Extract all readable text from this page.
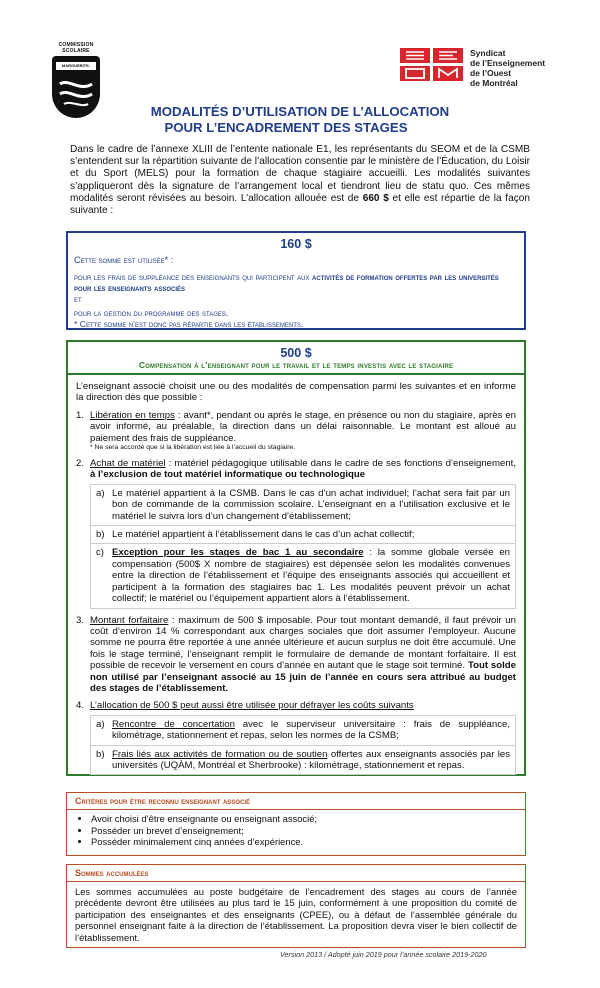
COMMISSION
SCOLAIRE
MARGUERITE-BOURGEOYS
Syndicat
de l’Enseignement
de l’Ouest
de Montréal
MODALITÉS D’UTILISATION DE L’ALLOCATION
POUR L’ENCADREMENT DES STAGES
Dans le cadre de l’annexe XLIII de l’entente nationale E1, les représentants du SEOM et de la CSMB s’entendent sur la répartition suivante de l’allocation consentie par le ministère de l’Éducation, du Loisir et du Sport (MELS) pour la formation de chaque stagiaire accueilli. Les modalités suivantes s’appliqueront dès la signature de l’arrangement local et tiendront lieu de statu quo. Ces mêmes modalités seront révisées au besoin. L’allocation allouée est de 660 $ et elle est répartie de la façon suivante :
160 $
Cette somme est utilisée* :
pour les frais de suppléance des enseignants qui participent aux activités de formation offertes par les universités pour les enseignants associés
et
pour la gestion du programme des stages.
* Cette somme n’est donc pas répartie dans les établissements.
500 $
Compensation à l’enseignant pour le travail et le temps investis avec le stagiaire
L’enseignant associé choisit une ou des modalités de compensation parmi les suivantes et en informe la direction dès que possible :
1. Libération en temps : avant*, pendant ou après le stage, en présence ou non du stagiaire, après en avoir informé, au préalable, la direction dans un délai raisonnable. Le montant est alloué au paiement des frais de suppléance.
* Ne sera accordé que si la libération est liée à l’accueil du stagiaire.
2. Achat de matériel : matériel pédagogique utilisable dans le cadre de ses fonctions d’enseignement, à l’exclusion de tout matériel informatique ou technologique
a) Le matériel appartient à la CSMB. Dans le cas d’un achat individuel; l’achat sera fait par un bon de commande de la commission scolaire. L’enseignant en a l’utilisation exclusive et le matériel le suivra lors d’un changement d’établissement;
b) Le matériel appartient à l’établissement dans le cas d’un achat collectif;
c) Exception pour les stages de bac 1 au secondaire : la somme globale versée en compensation (500$ X nombre de stagiaires) est dépensée selon les modalités convenues entre la direction de l’établissement et l’équipe des enseignants associés qui accueillent et participent à la formation des stagiaires bac 1. Les modalités peuvent prévoir un achat collectif; le matériel ou l’équipement appartient alors à l’établissement.
3. Montant forfaitaire : maximum de 500 $ imposable. Pour tout montant demandé, il faut prévoir un coût d’environ 14 % correspondant aux charges sociales que doit assumer l’employeur. Aucune somme ne pourra être reportée à une année ultérieure et aucun surplus ne doit être accumulé. Une fois le stage terminé, l’enseignant remplit le formulaire de demande de montant forfaitaire. Il est possible de recevoir le versement en cours d’année en autant que le stage soit terminé. Tout solde non utilisé par l’enseignant associé au 15 juin de l’année en cours sera attribué au budget des stages de l’établissement.
4. L’allocation de 500 $ peut aussi être utilisée pour défrayer les coûts suivants
a) Rencontre de concertation avec le superviseur universitaire : frais de suppléance, kilométrage, stationnement et repas, selon les normes de la CSMB;
b) Frais liés aux activités de formation ou de soutien offertes aux enseignants associés par les universités (UQÀM, Montréal et Sherbrooke) : kilométrage, stationnement et repas.
Critères pour être reconnu enseignant associé
• Avoir choisi d’être enseignante ou enseignant associé;
• Posséder un brevet d’enseignement;
• Posséder minimalement cinq années d’expérience.
Sommes accumulées
Les sommes accumulées au poste budgétaire de l’encadrement des stages au cours de l’année précédente devront être utilisées au plus tard le 15 juin, conformément à une proposition du comité de participation des enseignantes et des enseignants (CPEE), ou à défaut de l’assemblée générale du personnel enseignant faite à la direction de l’établissement. La proposition devra viser le bien collectif de l’établissement.
Version 2013 / Adopté juin 2019 pour l’année scolaire 2019-2020
